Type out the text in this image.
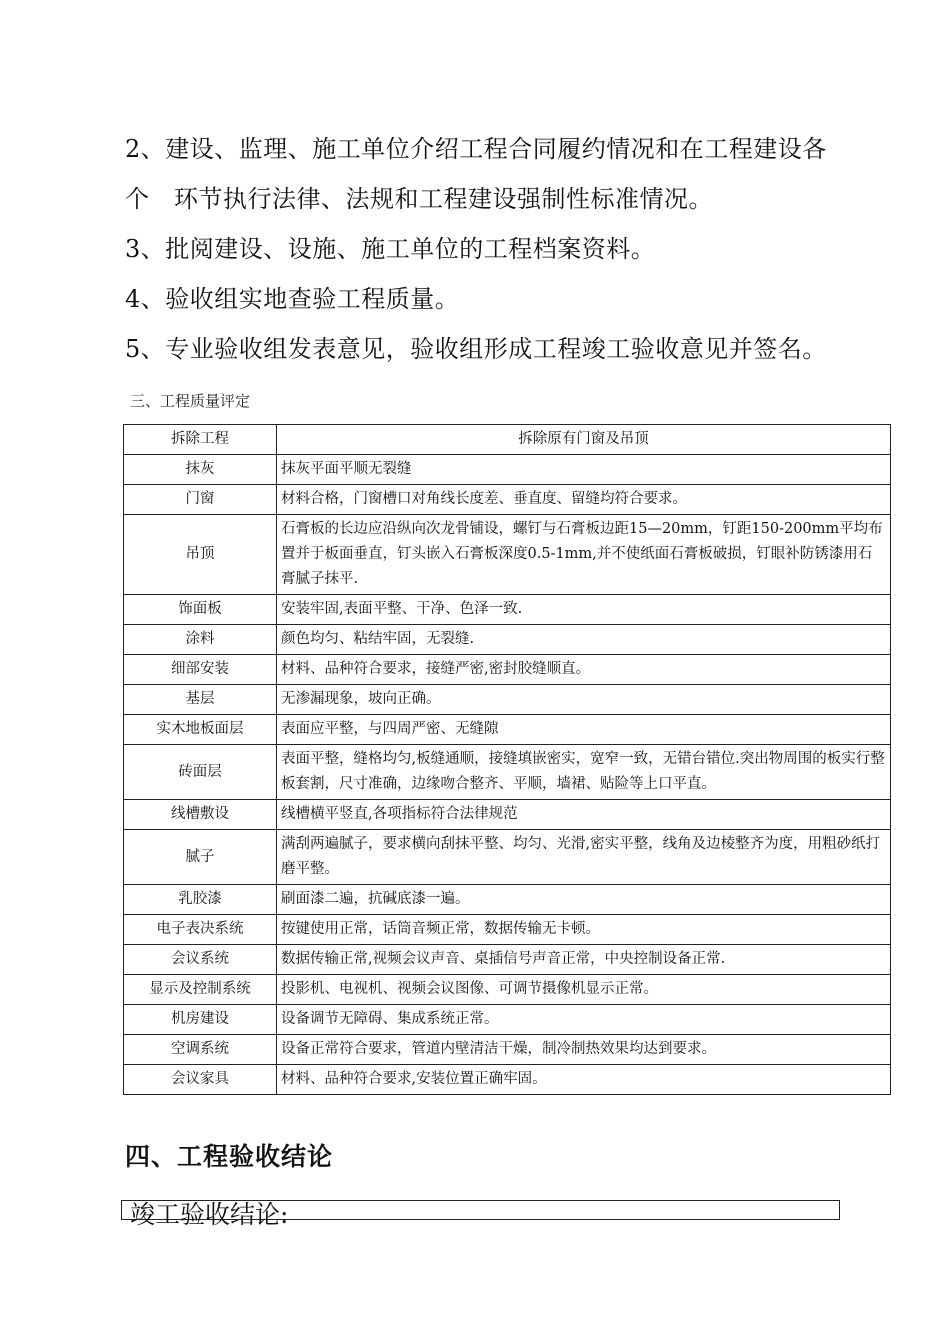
2、建设、监理、施工单位介绍工程合同履约情况和在工程建设各
个　环节执行法律、法规和工程建设强制性标准情况。
3、批阅建设、设施、施工单位的工程档案资料。
4、验收组实地查验工程质量。
5、专业验收组发表意见，验收组形成工程竣工验收意见并签名。
三、工程质量评定
拆除工程	拆除原有门窗及吊顶
抹灰	抹灰平面平顺无裂缝
门窗	材料合格，门窗槽口对角线长度差、垂直度、留缝均符合要求。
吊顶	石膏板的长边应沿纵向次龙骨铺设，螺钉与石膏板边距15—20mm，钉距150-200mm平均布置并于板面垂直，钉头嵌入石膏板深度0.5-1mm,并不使纸面石膏板破损，钉眼补防锈漆用石膏腻子抹平.
饰面板	安装牢固,表面平整、干净、色泽一致.
涂料	颜色均匀、粘结牢固，无裂缝.
细部安装	材料、品种符合要求，接缝严密,密封胶缝顺直。
基层	无渗漏现象，坡向正确。
实木地板面层	表面应平整，与四周严密、无缝隙
砖面层	表面平整，缝格均匀,板缝通顺，接缝填嵌密实，宽窄一致，无错台错位.突出物周围的板实行整板套割，尺寸准确，边缘吻合整齐、平顺，墙裙、贴险等上口平直。
线槽敷设	线槽横平竖直,各项指标符合法律规范
腻子	满刮两遍腻子，要求横向刮抹平整、均匀、光滑,密实平整，线角及边棱整齐为度，用粗砂纸打磨平整。
乳胶漆	刷面漆二遍，抗碱底漆一遍。
电子表决系统	按键使用正常，话筒音频正常，数据传输无卡顿。
会议系统	数据传输正常,视频会议声音、桌插信号声音正常，中央控制设备正常.
显示及控制系统	投影机、电视机、视频会议图像、可调节摄像机显示正常。
机房建设	设备调节无障碍、集成系统正常。
空调系统	设备正常符合要求，管道内壁清洁干燥，制冷制热效果均达到要求。
会议家具	材料、品种符合要求,安装位置正确牢固。
四、工程验收结论
竣工验收结论:
